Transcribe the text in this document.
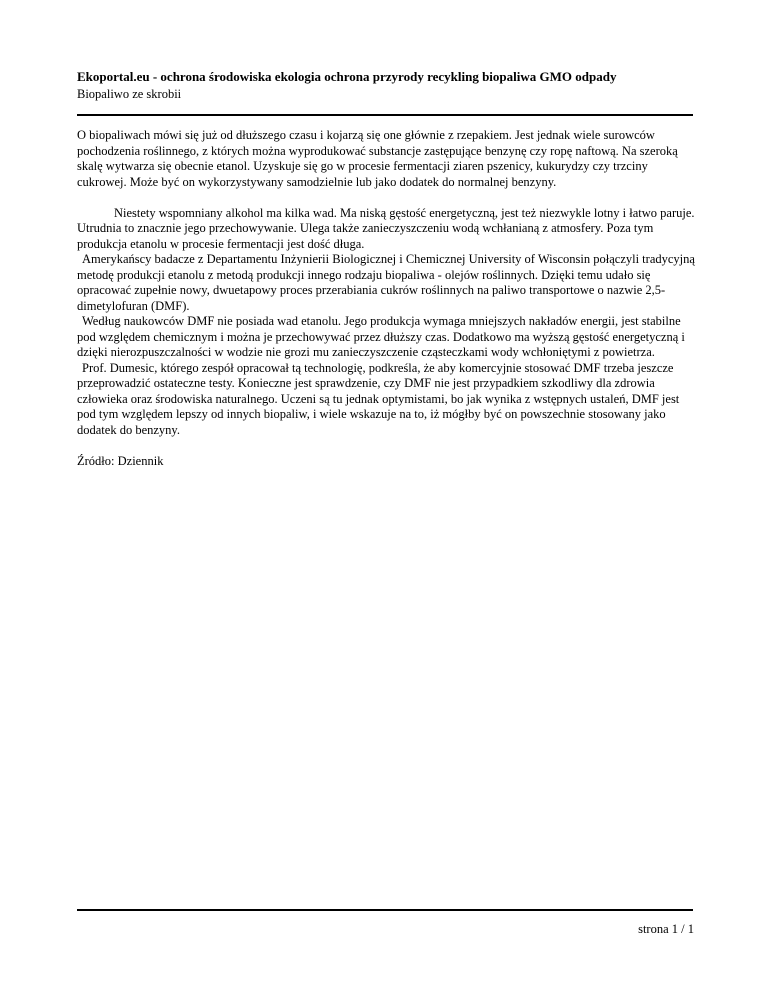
Ekoportal.eu - ochrona środowiska ekologia ochrona przyrody recykling biopaliwa GMO odpady

Biopaliwo ze skrobii

O biopaliwach mówi się już od dłuższego czasu i kojarzą się one głównie z rzepakiem. Jest jednak wiele surowców pochodzenia roślinnego, z których można wyprodukować substancje zastępujące benzynę czy ropę naftową. Na szeroką skalę wytwarza się obecnie etanol. Uzyskuje się go w procesie fermentacji ziaren pszenicy, kukurydzy czy trzciny cukrowej. Może być on wykorzystywany samodzielnie lub jako dodatek do normalnej benzyny.

Niestety wspomniany alkohol ma kilka wad. Ma niską gęstość energetyczną, jest też niezwykle lotny i łatwo paruje. Utrudnia to znacznie jego przechowywanie. Ulega także zanieczyszczeniu wodą wchłanianą z atmosfery. Poza tym produkcja etanolu w procesie fermentacji jest dość długa.

Amerykańscy badacze z Departamentu Inżynierii Biologicznej i Chemicznej University of Wisconsin połączyli tradycyjną metodę produkcji etanolu z metodą produkcji innego rodzaju biopaliwa - olejów roślinnych. Dzięki temu udało się opracować zupełnie nowy, dwuetapowy proces przerabiania cukrów roślinnych na paliwo transportowe o nazwie 2,5-dimetylofuran (DMF).

Według naukowców DMF nie posiada wad etanolu. Jego produkcja wymaga mniejszych nakładów energii, jest stabilne pod względem chemicznym i można je przechowywać przez dłuższy czas. Dodatkowo ma wyższą gęstość energetyczną i dzięki nierozpuszczalności w wodzie nie grozi mu zanieczyszczenie cząsteczkami wody wchłoniętymi z powietrza.

Prof. Dumesic, którego zespół opracował tą technologię, podkreśla, że aby komercyjnie stosować DMF trzeba jeszcze przeprowadzić ostateczne testy. Konieczne jest sprawdzenie, czy DMF nie jest przypadkiem szkodliwy dla zdrowia człowieka oraz środowiska naturalnego. Uczeni są tu jednak optymistami, bo jak wynika z wstępnych ustaleń, DMF jest pod tym względem lepszy od innych biopaliw, i wiele wskazuje na to, iż mógłby być on powszechnie stosowany jako dodatek do benzyny.

Źródło: Dziennik

strona 1 / 1
